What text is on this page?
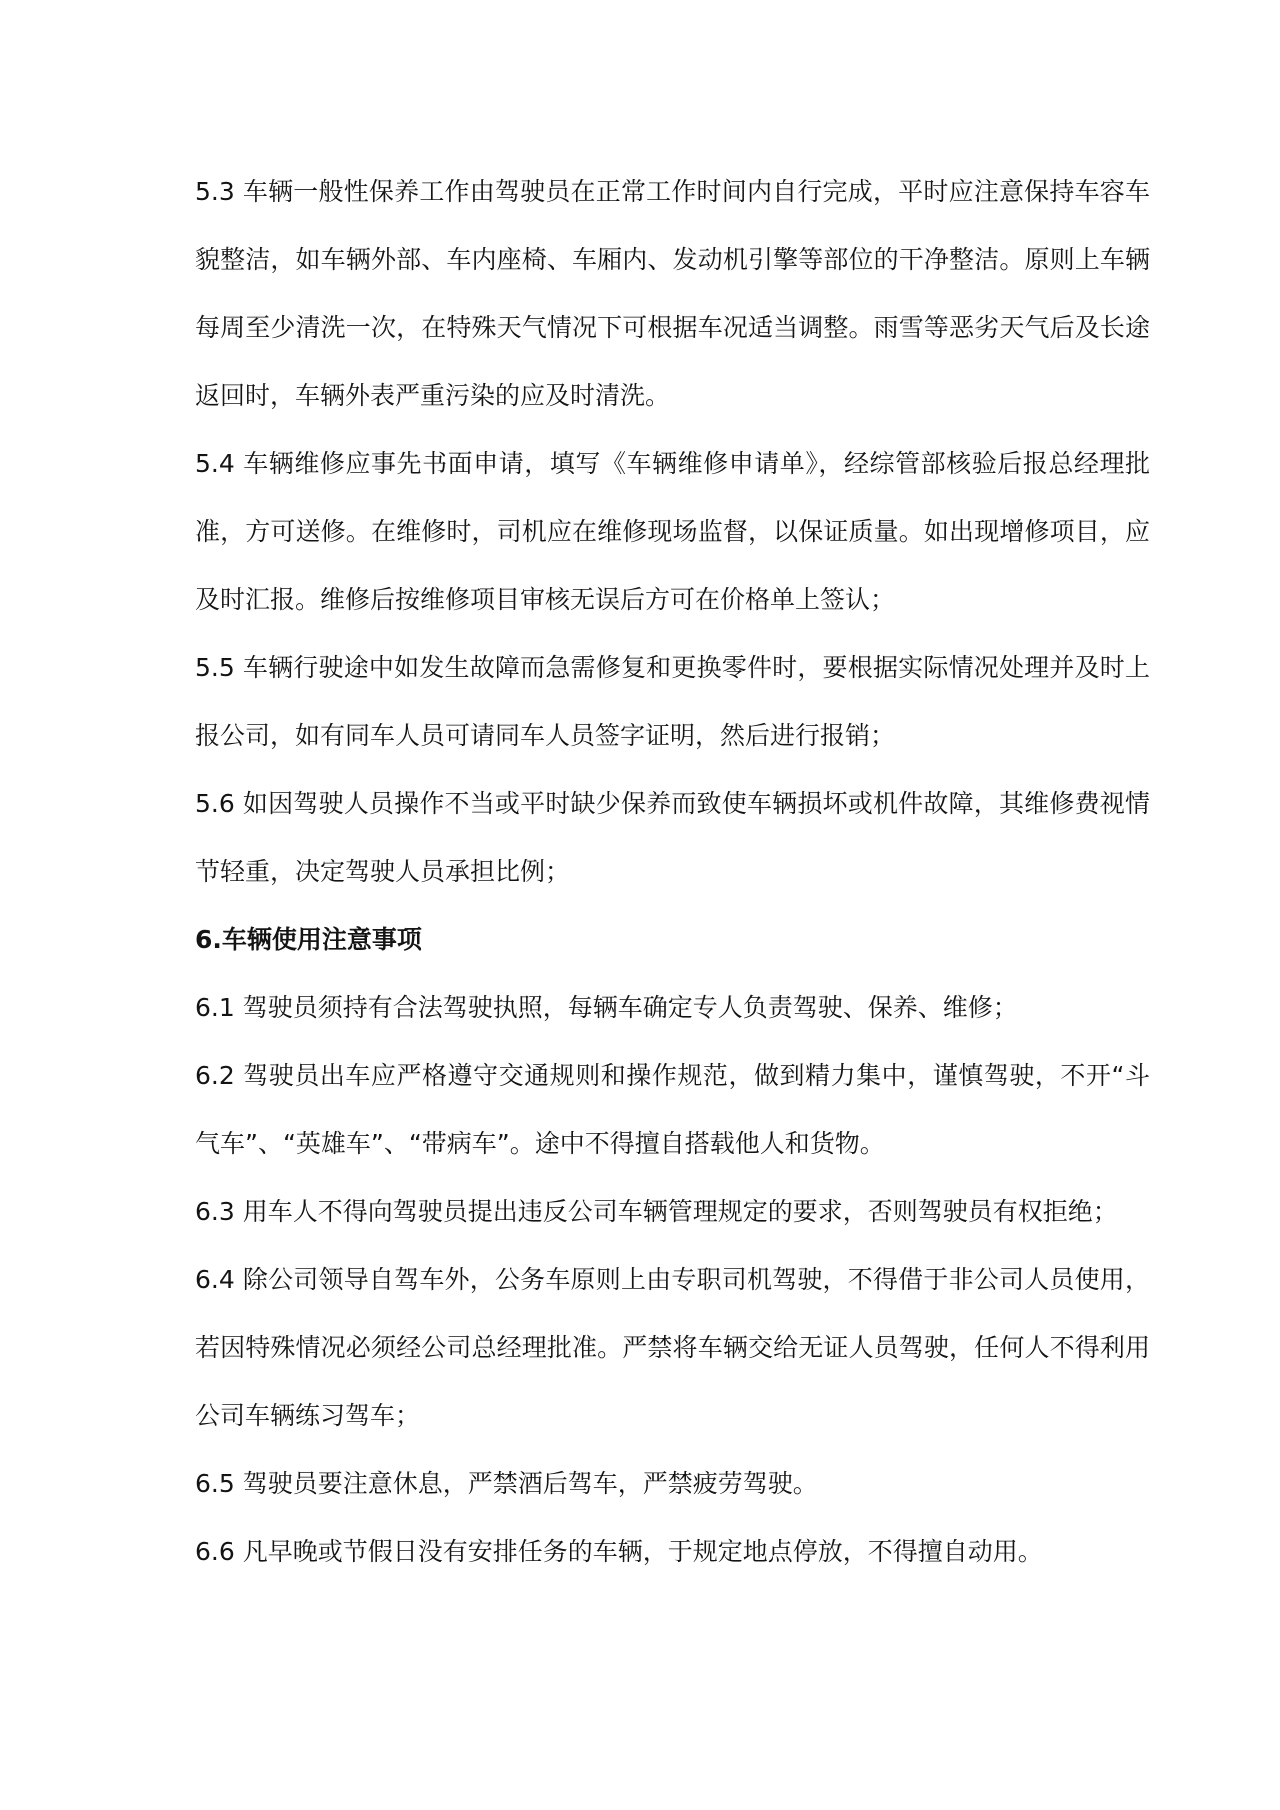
5.3 车辆一般性保养工作由驾驶员在正常工作时间内自行完成，平时应注意保持车容车貌整洁，如车辆外部、车内座椅、车厢内、发动机引擎等部位的干净整洁。原则上车辆每周至少清洗一次，在特殊天气情况下可根据车况适当调整。雨雪等恶劣天气后及长途返回时，车辆外表严重污染的应及时清洗。

5.4 车辆维修应事先书面申请，填写《车辆维修申请单》，经综管部核验后报总经理批准，方可送修。在维修时，司机应在维修现场监督，以保证质量。如出现增修项目，应及时汇报。维修后按维修项目审核无误后方可在价格单上签认；

5.5 车辆行驶途中如发生故障而急需修复和更换零件时，要根据实际情况处理并及时上报公司，如有同车人员可请同车人员签字证明，然后进行报销；

5.6 如因驾驶人员操作不当或平时缺少保养而致使车辆损坏或机件故障，其维修费视情节轻重，决定驾驶人员承担比例；

6.车辆使用注意事项

6.1 驾驶员须持有合法驾驶执照，每辆车确定专人负责驾驶、保养、维修；

6.2 驾驶员出车应严格遵守交通规则和操作规范，做到精力集中，谨慎驾驶，不开“斗气车”、“英雄车”、“带病车”。途中不得擅自搭载他人和货物。

6.3 用车人不得向驾驶员提出违反公司车辆管理规定的要求，否则驾驶员有权拒绝；

6.4 除公司领导自驾车外，公务车原则上由专职司机驾驶，不得借于非公司人员使用，若因特殊情况必须经公司总经理批准。严禁将车辆交给无证人员驾驶，任何人不得利用公司车辆练习驾车；

6.5 驾驶员要注意休息，严禁酒后驾车，严禁疲劳驾驶。

6.6 凡早晚或节假日没有安排任务的车辆，于规定地点停放，不得擅自动用。
